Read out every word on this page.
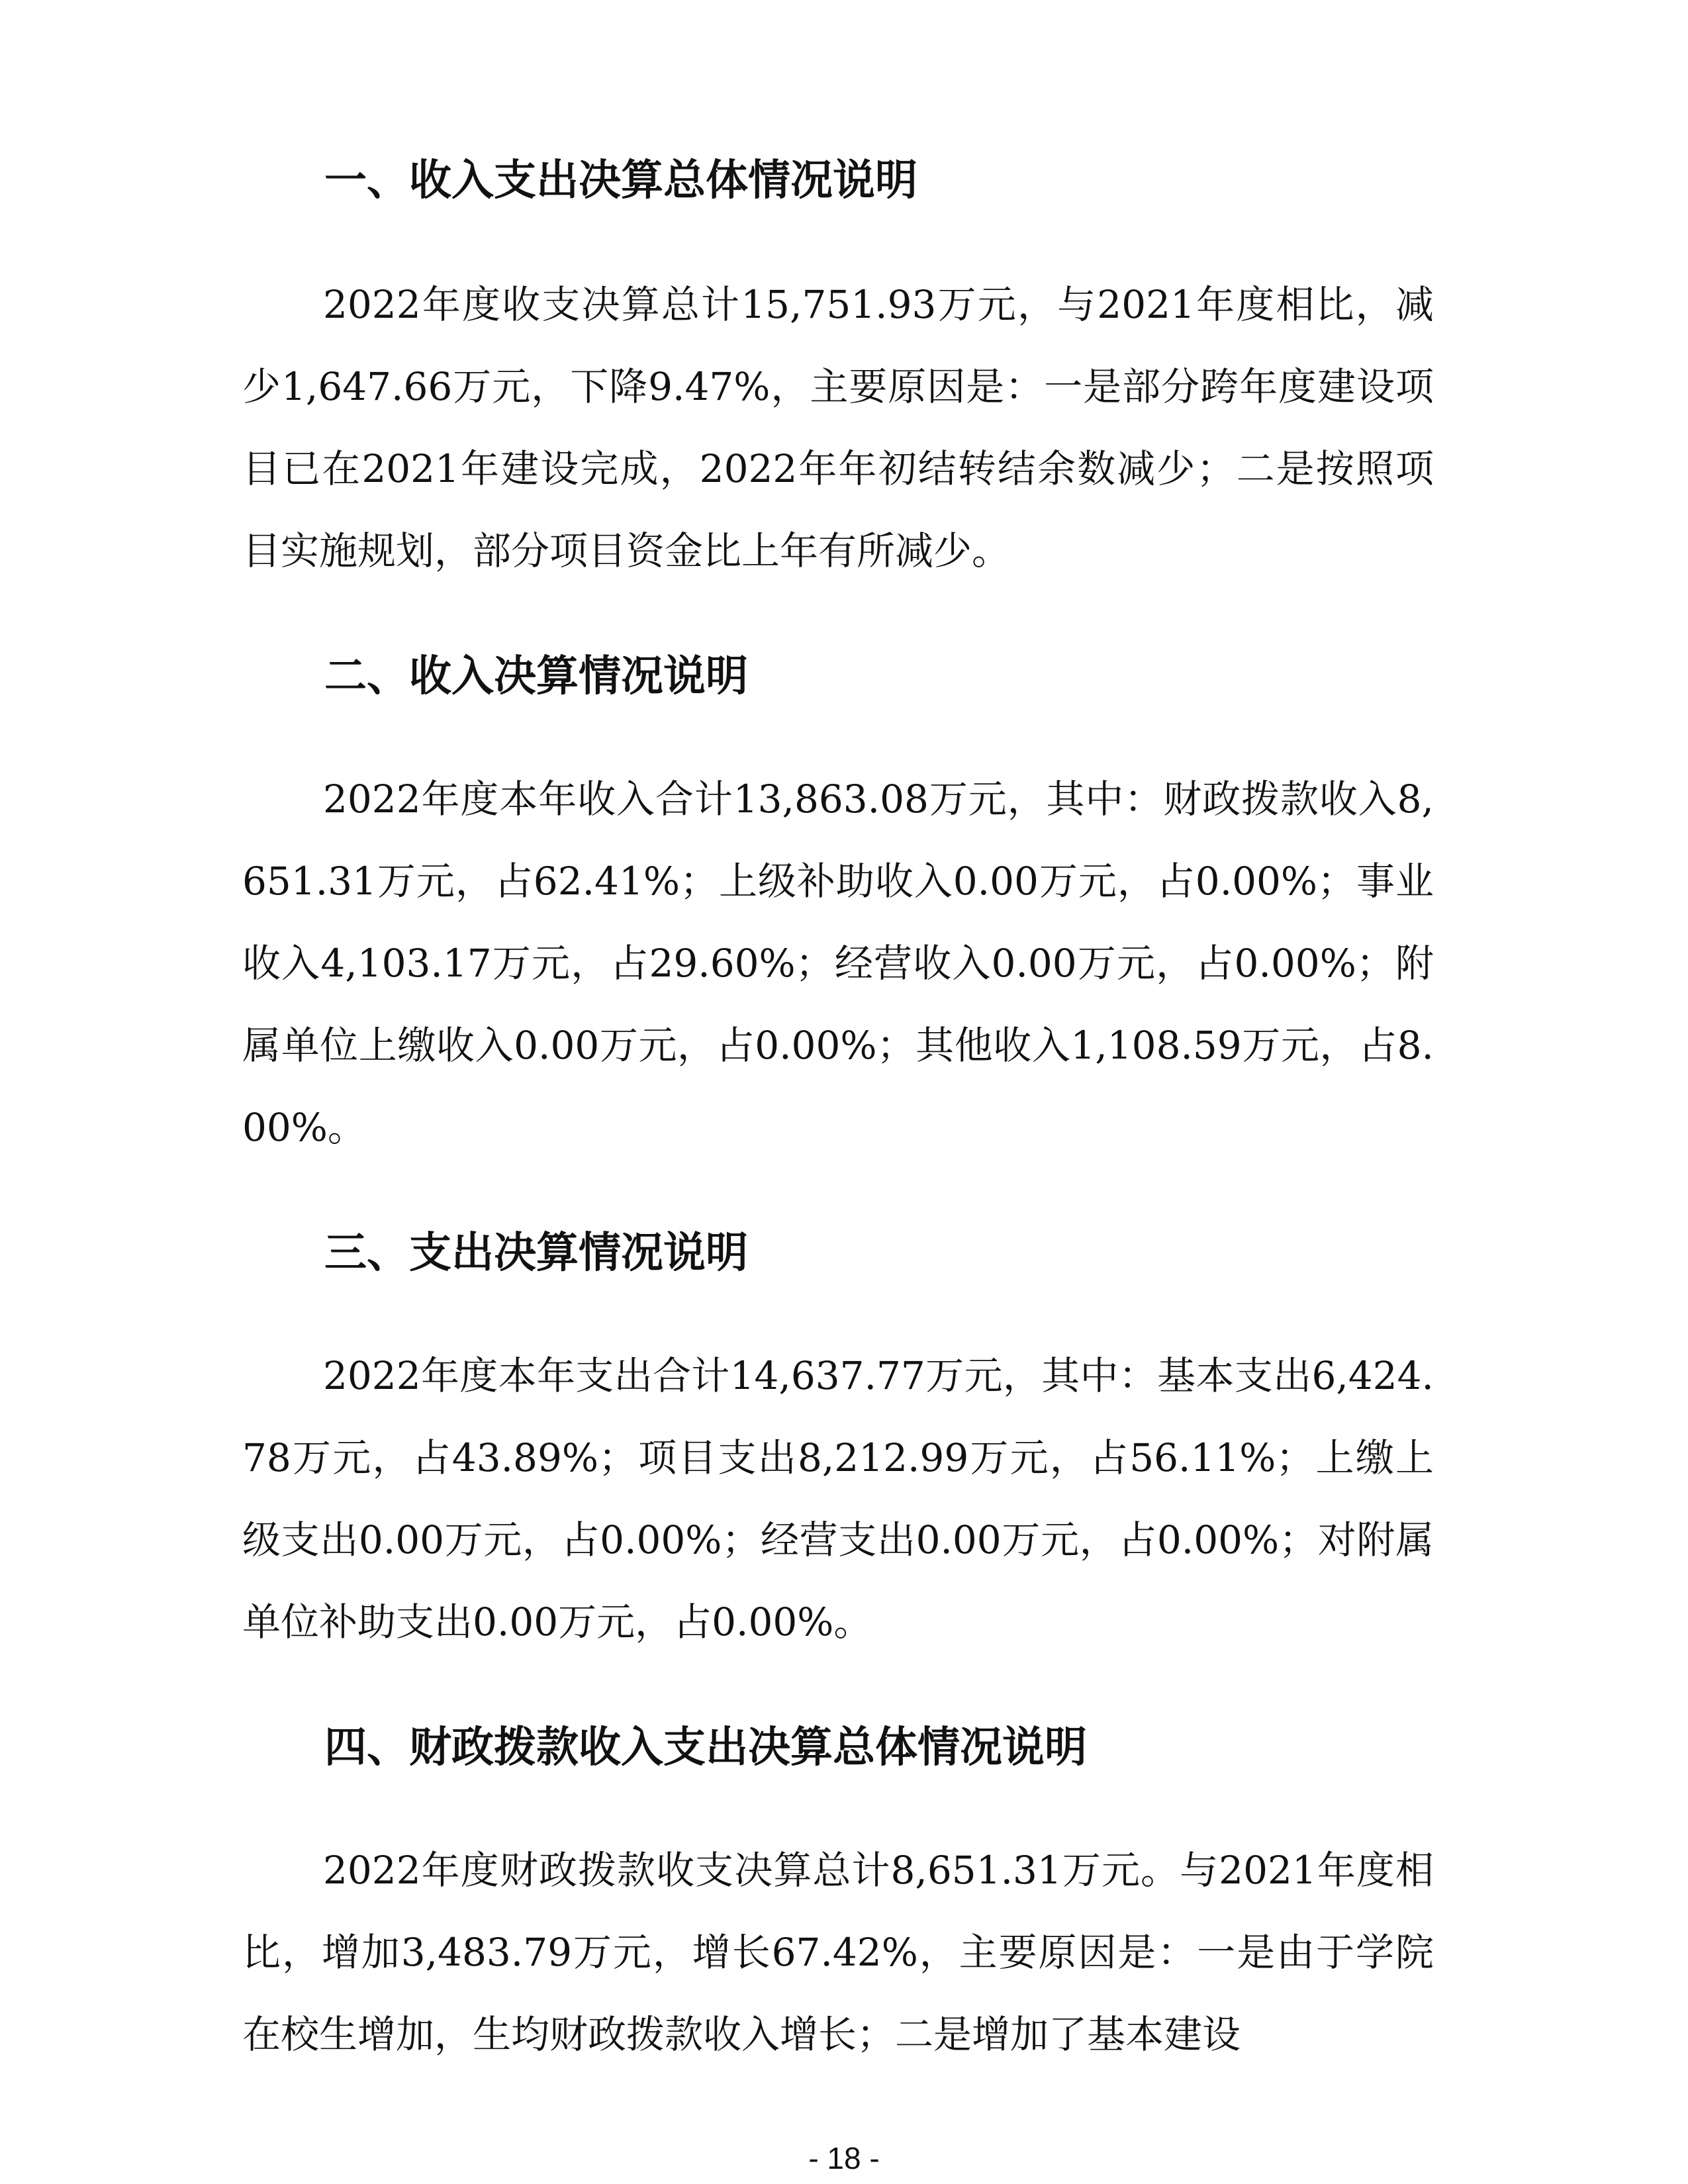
一、收入支出决算总体情况说明

2022年度收支决算总计15,751.93万元，与2021年度相比，减少1,647.66万元，下降9.47%，主要原因是：一是部分跨年度建设项目已在2021年建设完成，2022年年初结转结余数减少；二是按照项目实施规划，部分项目资金比上年有所减少。

二、收入决算情况说明

2022年度本年收入合计13,863.08万元，其中：财政拨款收入8,651.31万元，占62.41%；上级补助收入0.00万元，占0.00%；事业收入4,103.17万元，占29.60%；经营收入0.00万元，占0.00%；附属单位上缴收入0.00万元，占0.00%；其他收入1,108.59万元，占8.00%。

三、支出决算情况说明

2022年度本年支出合计14,637.77万元，其中：基本支出6,424.78万元，占43.89%；项目支出8,212.99万元，占56.11%；上缴上级支出0.00万元，占0.00%；经营支出0.00万元，占0.00%；对附属单位补助支出0.00万元，占0.00%。

四、财政拨款收入支出决算总体情况说明

2022年度财政拨款收支决算总计8,651.31万元。与2021年度相比，增加3,483.79万元，增长67.42%，主要原因是：一是由于学院在校生增加，生均财政拨款收入增长；二是增加了基本建设

- 18 -
